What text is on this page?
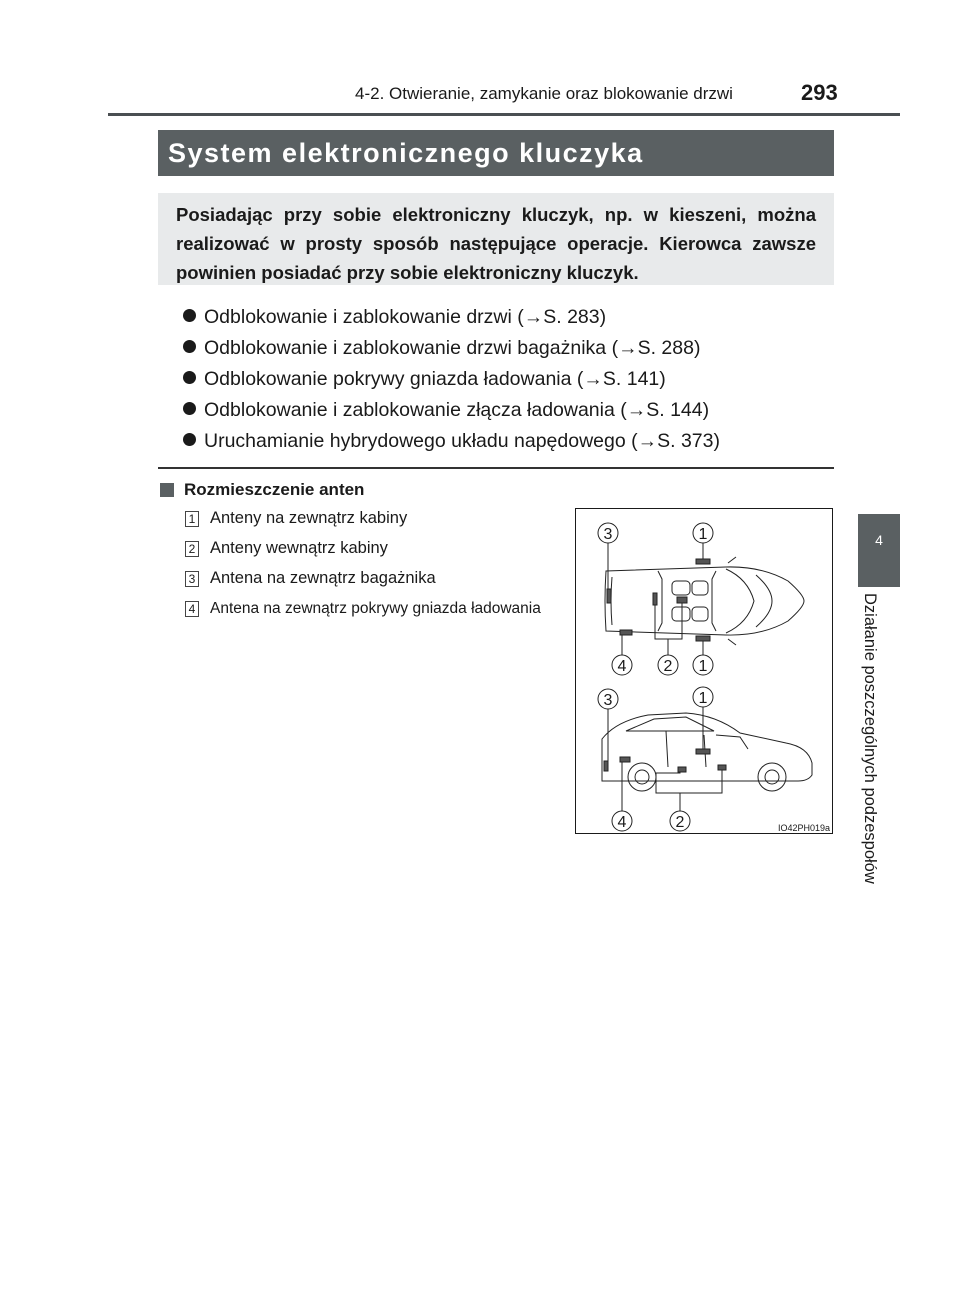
4-2. Otwieranie, zamykanie oraz blokowanie drzwi	293
System elektronicznego kluczyka
Posiadając przy sobie elektroniczny kluczyk, np. w kieszeni, można realizować w prosty sposób następujące operacje. Kierowca zawsze powinien posiadać przy sobie elektroniczny kluczyk.
Odblokowanie i zablokowanie drzwi (→S. 283)
Odblokowanie i zablokowanie drzwi bagażnika (→S. 288)
Odblokowanie pokrywy gniazda ładowania (→S. 141)
Odblokowanie i zablokowanie złącza ładowania (→S. 144)
Uruchamianie hybrydowego układu napędowego (→S. 373)
Rozmieszczenie anten
1 Anteny na zewnątrz kabiny
2 Anteny wewnątrz kabiny
3 Antena na zewnątrz bagażnika
4 Antena na zewnątrz pokrywy gniazda ładowania
3	1
4 2 1
3	1
4	2	IO42PH019a
4
Działanie poszczególnych podzespołów
